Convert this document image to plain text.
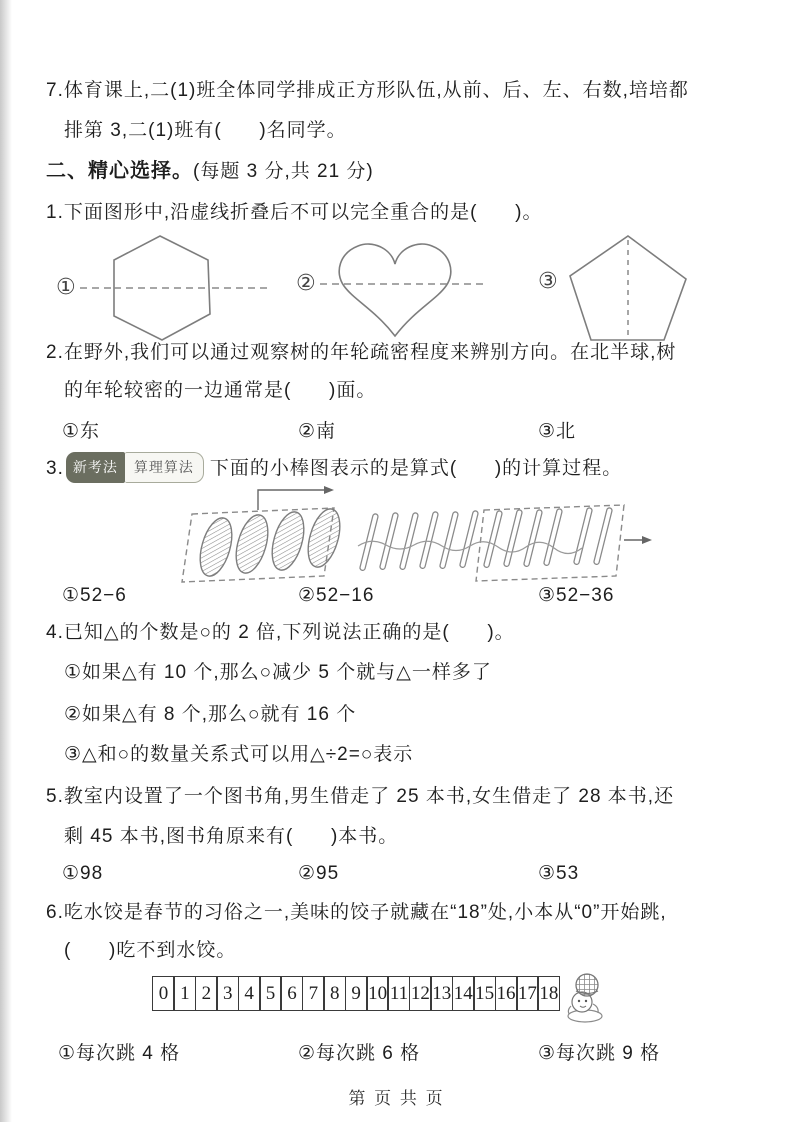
7.体育课上,二(1)班全体同学排成正方形队伍,从前、后、左、右数,培培都
排第 3,二(1)班有(      )名同学。
二、精心选择。(每题 3 分,共 21 分)
1.下面图形中,沿虚线折叠后不可以完全重合的是(      )。
①	②	③
2.在野外,我们可以通过观察树的年轮疏密程度来辨别方向。在北半球,树
的年轮较密的一边通常是(      )面。
①东	②南	③北
3. 新考法	算理算法 下面的小棒图表示的是算式(      )的计算过程。
①52−6	②52−16	③52−36
4.已知△的个数是○的 2 倍,下列说法正确的是(      )。
①如果△有 10 个,那么○减少 5 个就与△一样多了
②如果△有 8 个,那么○就有 16 个
③△和○的数量关系式可以用△÷2=○表示
5.教室内设置了一个图书角,男生借走了 25 本书,女生借走了 28 本书,还
剩 45 本书,图书角原来有(      )本书。
①98	②95	③53
6.吃水饺是春节的习俗之一,美味的饺子就藏在“18”处,小本从“0”开始跳,
(      )吃不到水饺。
0 1 2 3 4 5 6 7 8 9 10 11 12 13 14 15 16 17 18
①每次跳 4 格	②每次跳 6 格	③每次跳 9 格
第 页 共 页
